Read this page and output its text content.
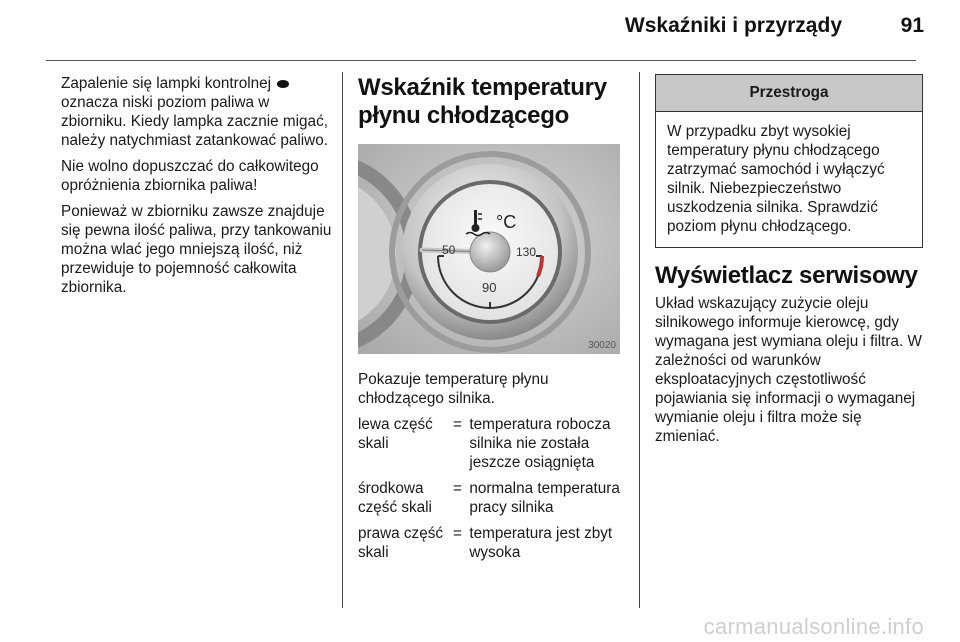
Wskaźniki i przyrządy	91

Zapalenie się lampki kontrolnej  oznacza niski poziom paliwa w zbiorniku. Kiedy lampka zacznie migać, należy natychmiast zatankować paliwo.

Nie wolno dopuszczać do całkowitego opróżnienia zbiornika paliwa!

Ponieważ w zbiorniku zawsze znajduje się pewna ilość paliwa, przy tankowaniu można wlać jego mniejszą ilość, niż przewiduje to pojemność całkowita zbiornika.

Wskaźnik temperatury płynu chłodzącego
°C
50
90
130
30020

Pokazuje temperaturę płynu chłodzącego silnika.

lewa część skali	=	temperatura robocza silnika nie została jeszcze osiągnięta
środkowa część skali	=	normalna temperatura pracy silnika
prawa część skali	=	temperatura jest zbyt wysoka
Przestroga

W przypadku zbyt wysokiej temperatury płynu chłodzącego zatrzymać samochód i wyłączyć silnik. Niebezpieczeństwo uszkodzenia silnika. Sprawdzić poziom płynu chłodzącego.

Wyświetlacz serwisowy

Układ wskazujący zużycie oleju silnikowego informuje kierowcę, gdy wymagana jest wymiana oleju i filtra. W zależności od warunków eksploatacyjnych częstotliwość pojawiania się informacji o wymaganej wymianie oleju i filtra może się zmieniać.

carmanualsonline.info
